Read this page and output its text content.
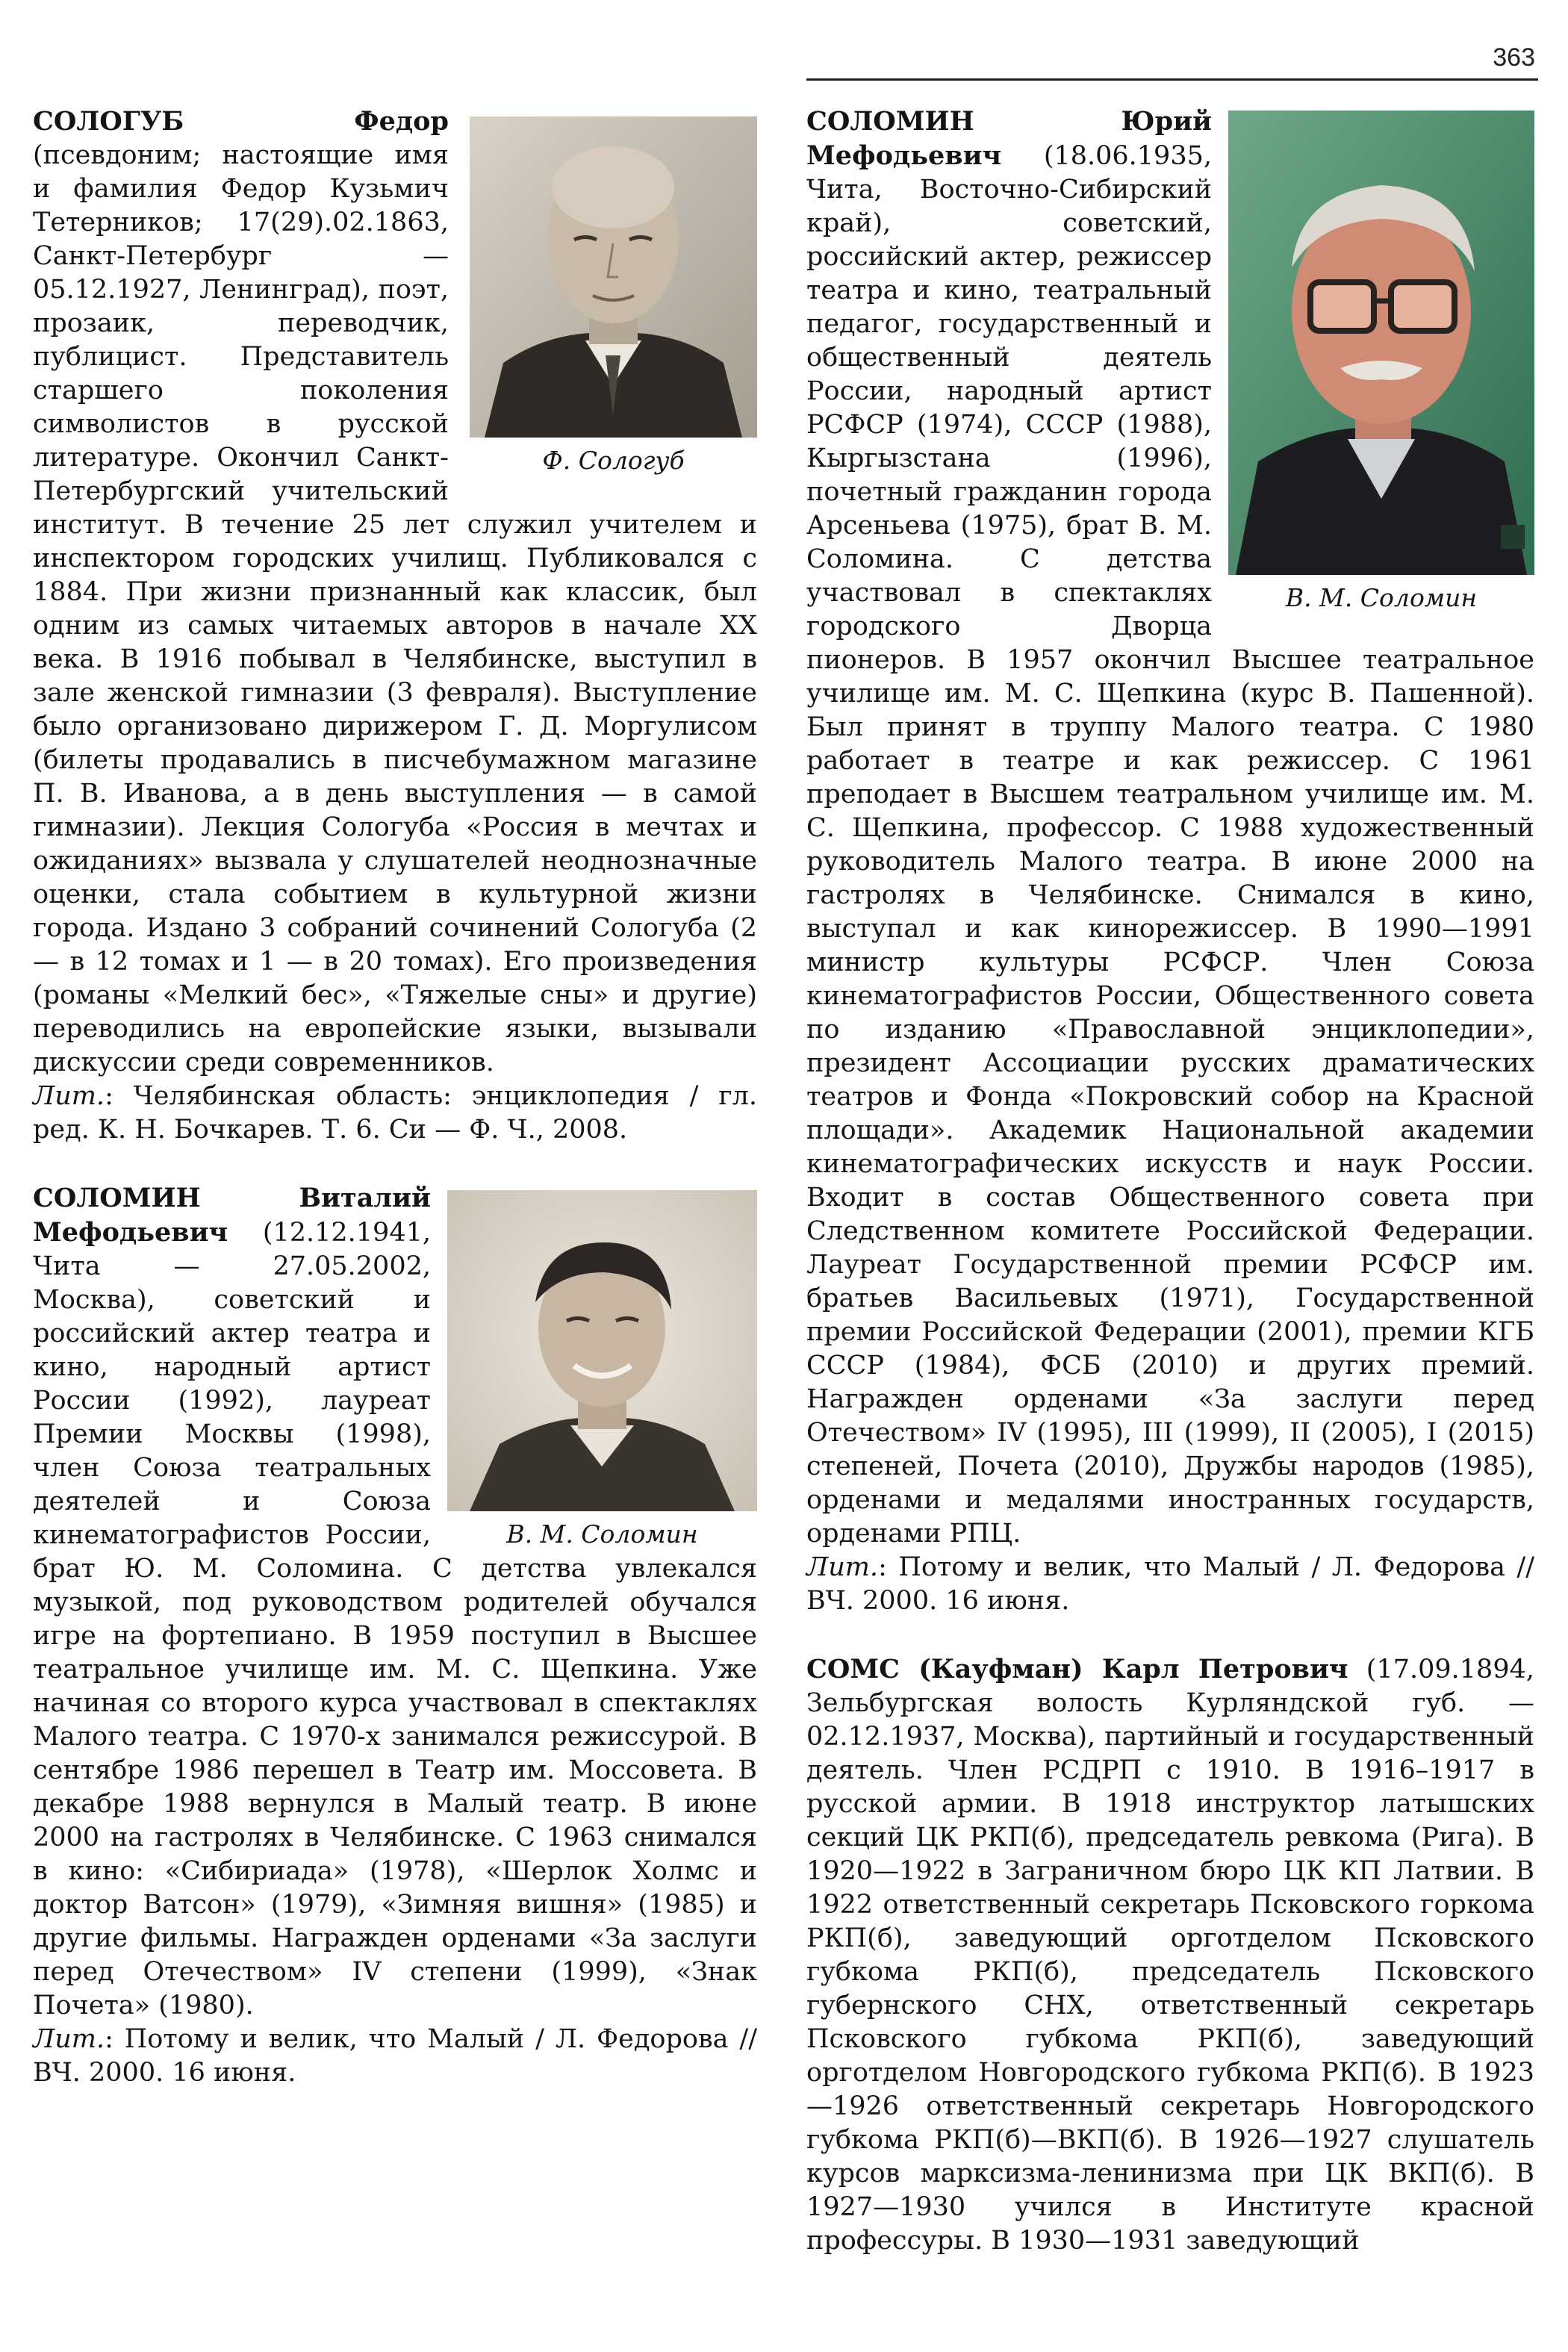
363

Ф. Сологуб
СОЛОГУБ Федор (псевдоним; настоящие имя и фамилия Федор Кузьмич Тетерников; 17(29).02.1863, Санкт-Петербург — 05.12.1927, Ленинград), поэт, прозаик, переводчик, публицист. Представитель старшего поколения символистов в русской литературе. Окончил Санкт-Петербургский учительский институт. В течение 25 лет служил учителем и инспектором городских училищ. Публиковался с 1884. При жизни признанный как классик, был одним из самых читаемых авторов в начале XX века. В 1916 побывал в Челябинске, выступил в зале женской гимназии (3 февраля). Выступление было организовано дирижером Г. Д. Моргулисом (билеты продавались в писчебумажном магазине П. В. Иванова, а в день выступления — в самой гимназии). Лекция Сологуба «Россия в мечтах и ожиданиях» вызвала у слушателей неоднозначные оценки, стала событием в культурной жизни города. Издано 3 собраний сочинений Сологуба (2 — в 12 томах и 1 — в 20 томах). Его произведения (романы «Мелкий бес», «Тяжелые сны» и другие) переводились на европейские языки, вызывали дискуссии среди современников.

Лит.: Челябинская область: энциклопедия / гл. ред. К. Н. Бочкарев. Т. 6. Си — Ф. Ч., 2008.

В. М. Соломин
СОЛОМИН Виталий Мефодьевич (12.12.1941, Чита — 27.05.2002, Москва), советский и российский актер театра и кино, народный артист России (1992), лауреат Премии Москвы (1998), член Союза театральных деятелей и Союза кинематографистов России, брат Ю. М. Соломина. С детства увлекался музыкой, под руководством родителей обучался игре на фортепиано. В 1959 поступил в Высшее театральное училище им. М. С. Щепкина. Уже начиная со второго курса участвовал в спектаклях Малого театра. С 1970-х занимался режиссурой. В сентябре 1986 перешел в Театр им. Моссовета. В декабре 1988 вернулся в Малый театр. В июне 2000 на гастролях в Челябинске. С 1963 снимался в кино: «Сибириада» (1978), «Шерлок Холмс и доктор Ватсон» (1979), «Зимняя вишня» (1985) и другие фильмы. Награжден орденами «За заслуги перед Отечеством» IV степени (1999), «Знак Почета» (1980).

Лит.: Потому и велик, что Малый / Л. Федорова // ВЧ. 2000. 16 июня.

В. М. Соломин
СОЛОМИН Юрий Мефодьевич (18.06.1935, Чита, Восточно-Сибирский край), советский, российский актер, режиссер театра и кино, театральный педагог, государственный и общественный деятель России, народный артист РСФСР (1974), СССР (1988), Кыргызстана (1996), почетный гражданин города Арсеньева (1975), брат В. М. Соломина. С детства участвовал в спектаклях городского Дворца пионеров. В 1957 окончил Высшее театральное училище им. М. С. Щепкина (курс В. Пашенной). Был принят в труппу Малого театра. С 1980 работает в театре и как режиссер. С 1961 преподает в Высшем театральном училище им. М. С. Щепкина, профессор. С 1988 художественный руководитель Малого театра. В июне 2000 на гастролях в Челябинске. Снимался в кино, выступал и как кинорежиссер. В 1990—1991 министр культуры РСФСР. Член Союза кинематографистов России, Общественного совета по изданию «Православной энциклопедии», президент Ассоциации русских драматических театров и Фонда «Покровский собор на Красной площади». Академик Национальной академии кинематографических искусств и наук России. Входит в состав Общественного совета при Следственном комитете Российской Федерации. Лауреат Государственной премии РСФСР им. братьев Васильевых (1971), Государственной премии Российской Федерации (2001), премии КГБ СССР (1984), ФСБ (2010) и других премий. Награжден орденами «За заслуги перед Отечеством» IV (1995), III (1999), II (2005), I (2015) степеней, Почета (2010), Дружбы народов (1985), орденами и медалями иностранных государств, орденами РПЦ.

Лит.: Потому и велик, что Малый / Л. Федорова // ВЧ. 2000. 16 июня.

СОМС (Кауфман) Карл Петрович (17.09.1894, Зельбургская волость Курляндской губ. — 02.12.1937, Москва), партийный и государственный деятель. Член РСДРП с 1910. В 1916–1917 в русской армии. В 1918 инструктор латышских секций ЦК РКП(б), председатель ревкома (Рига). В 1920—1922 в Заграничном бюро ЦК КП Латвии. В 1922 ответственный секретарь Псковского горкома РКП(б), заведующий орготделом Псковского губкома РКП(б), председатель Псковского губернского СНХ, ответственный секретарь Псковского губкома РКП(б), заведующий орготделом Новгородского губкома РКП(б). В 1923—1926 ответственный секретарь Новгородского губкома РКП(б)—ВКП(б). В 1926—1927 слушатель курсов марксизма-ленинизма при ЦК ВКП(б). В 1927—1930 учился в Институте красной профессуры. В 1930—1931 заведующий
